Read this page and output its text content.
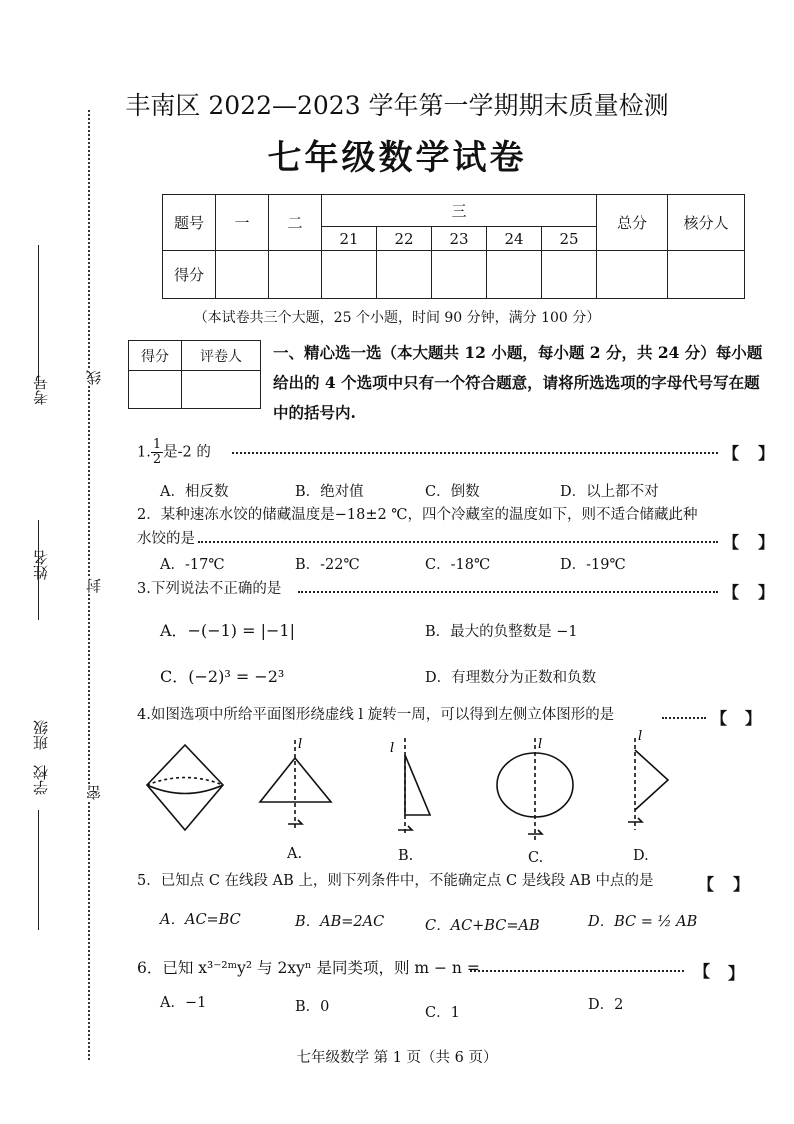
考号
姓名
学校　班级
线
封
密
丰南区 2022—2023 学年第一学期期末质量检测
七年级数学试卷
题号	一	二	三					总分	核分人
			21	22	23	24	25		
得分									
（本试卷共三个大题，25 个小题，时间 90 分钟，满分 100 分）
得分	评卷人
	一、精心选一选（本大题共 12 小题，每小题 2 分，共 24 分）每小题给出的 4 个选项中只有一个符合题意，请将所选选项的字母代号写在题中的括号内.
1. $\frac{1}{2}$ 是-2 的	【 】
A．相反数	B．绝对值	C．倒数	D．以上都不对
2．某种速冻水饺的储藏温度是−18±2 ℃，四个冷藏室的温度如下，则不适合储藏此种
水饺的是	【 】
A．-17℃	B．-22℃	C．-18℃	D．-19℃
3.下列说法不正确的是	【 】
A．−(−1) = |−1|	B．最大的负整数是 −1
C．(−2)³ = −2³	D．有理数分为正数和负数
4.如图选项中所给平面图形绕虚线 l 旋转一周，可以得到左侧立体图形的是	【 】
l	l	l
l
A.	B.	C.	D.
5．已知点 C 在线段 AB 上，则下列条件中，不能确定点 C 是线段 AB 中点的是	【 】
A．AC=BC	B．AB=2AC	C．AC+BC=AB	D．BC = ½ AB
6．已知 x³⁻²ᵐy² 与 2xyⁿ 是同类项，则 m − n =	【 】
A．−1	B．0	C．1	D．2
七年级数学 第 1 页（共 6 页）
